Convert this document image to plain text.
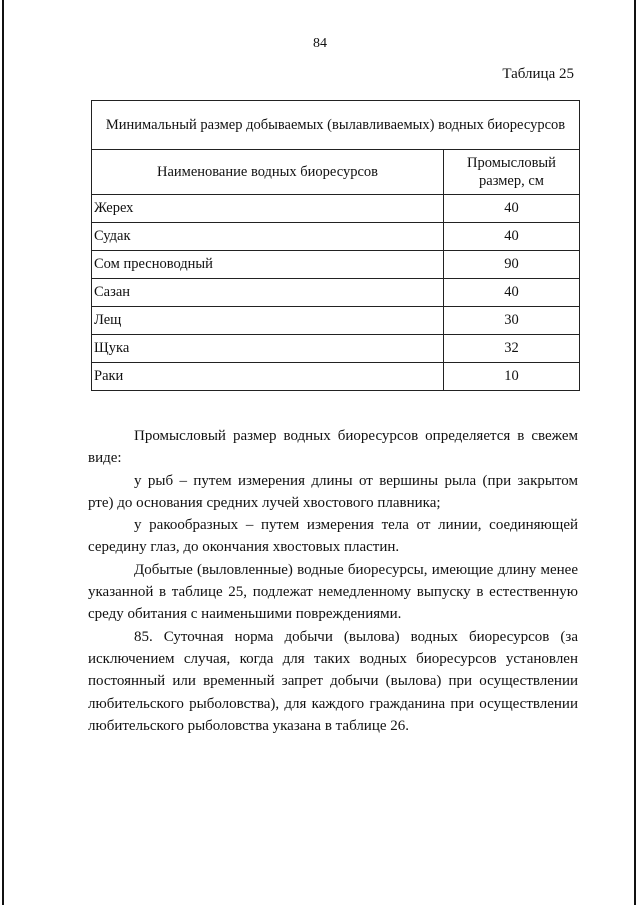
84
Таблица 25
Минимальный размер добываемых (вылавливаемых) водных биоресурсов	
Наименование водных биоресурсов	Промысловый размер, см
Жерех	40
Судак	40
Сом пресноводный	90
Сазан	40
Лещ	30
Щука	32
Раки	10

Промысловый размер водных биоресурсов определяется в свежем виде:

у рыб – путем измерения длины от вершины рыла (при закрытом рте) до основания средних лучей хвостового плавника;

у ракообразных – путем измерения тела от линии, соединяющей середину глаз, до окончания хвостовых пластин.

Добытые (выловленные) водные биоресурсы, имеющие длину менее указанной в таблице 25, подлежат немедленному выпуску в естественную среду обитания с наименьшими повреждениями.

85. Суточная норма добычи (вылова) водных биоресурсов (за исключением случая, когда для таких водных биоресурсов установлен постоянный или временный запрет добычи (вылова) при осуществлении любительского рыболовства), для каждого гражданина при осуществлении любительского рыболовства указана в таблице 26.
